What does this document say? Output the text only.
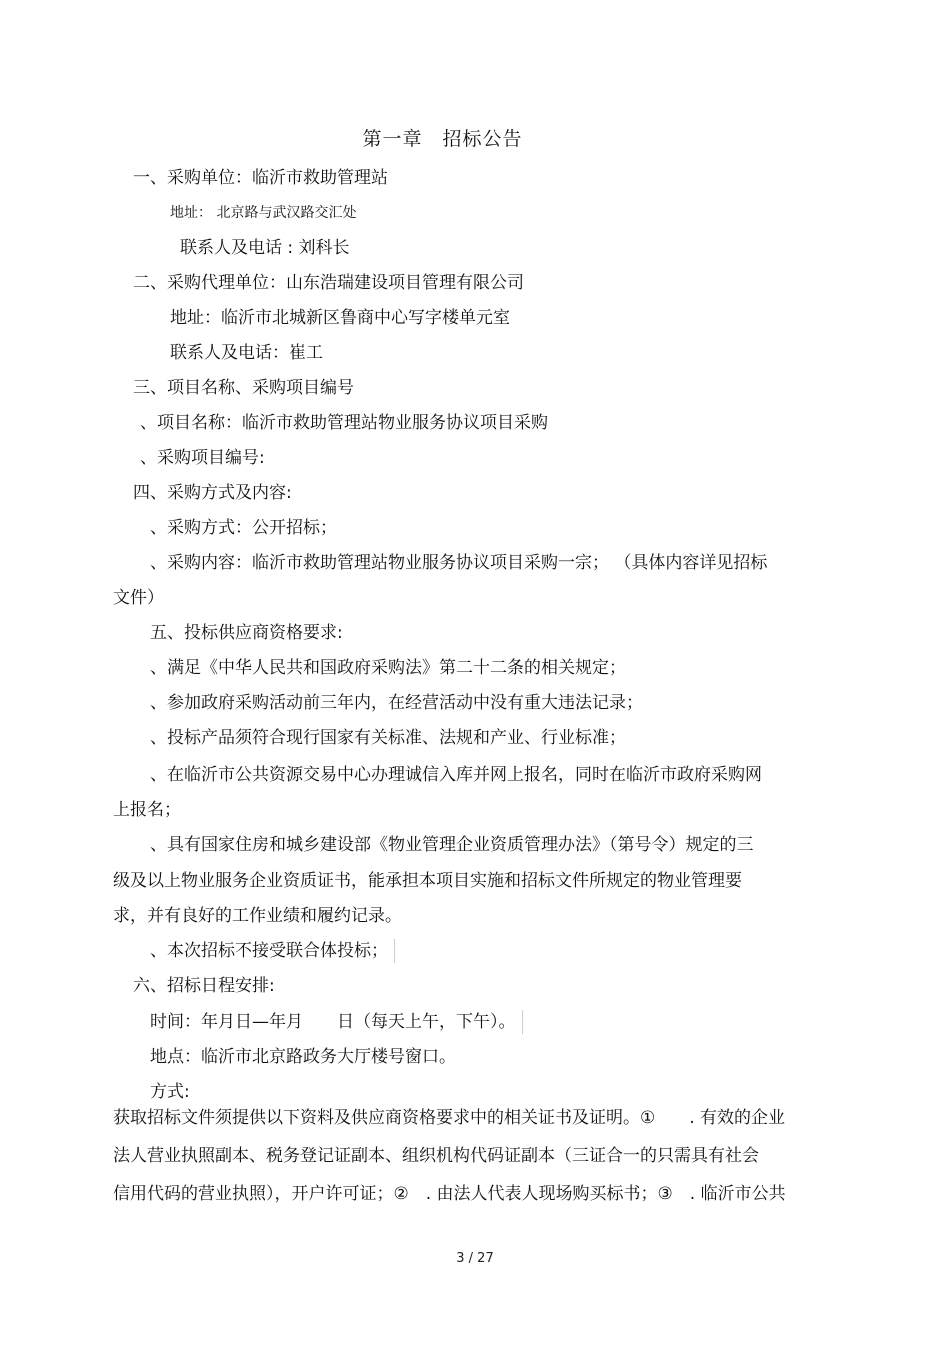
第一章　招标公告
一、采购单位：临沂市救助管理站
地址： 北京路与武汉路交汇处
联系人及电话 : 刘科长
二、采购代理单位：山东浩瑞建设项目管理有限公司
地址：临沂市北城新区鲁商中心写字楼单元室
联系人及电话：崔工
三、项目名称、采购项目编号
、项目名称：临沂市救助管理站物业服务协议项目采购
、采购项目编号:
四、采购方式及内容:
、采购方式：公开招标；
、采购内容：临沂市救助管理站物业服务协议项目采购一宗； （具体内容详见招标
文件）
五、投标供应商资格要求:
、满足《中华人民共和国政府采购法》第二十二条的相关规定；
、参加政府采购活动前三年内，在经营活动中没有重大违法记录；
、投标产品须符合现行国家有关标准、法规和产业、行业标准；
、在临沂市公共资源交易中心办理诚信入库并网上报名，同时在临沂市政府采购网
上报名；
、具有国家住房和城乡建设部《物业管理企业资质管理办法》（第号令）规定的三
级及以上物业服务企业资质证书，能承担本项目实施和招标文件所规定的物业管理要
求，并有良好的工作业绩和履约记录。
、本次招标不接受联合体投标；
六、招标日程安排:
时间：年月日—年月　　日（每天上午，下午）。
地点：临沂市北京路政务大厅楼号窗口。
方式:
获取招标文件须提供以下资料及供应商资格要求中的相关证书及证明。①　　. 有效的企业
法人营业执照副本、税务登记证副本、组织机构代码证副本（三证合一的只需具有社会
信用代码的营业执照），开户许可证；②　. 由法人代表人现场购买标书；③　. 临沂市公共
3 / 27
